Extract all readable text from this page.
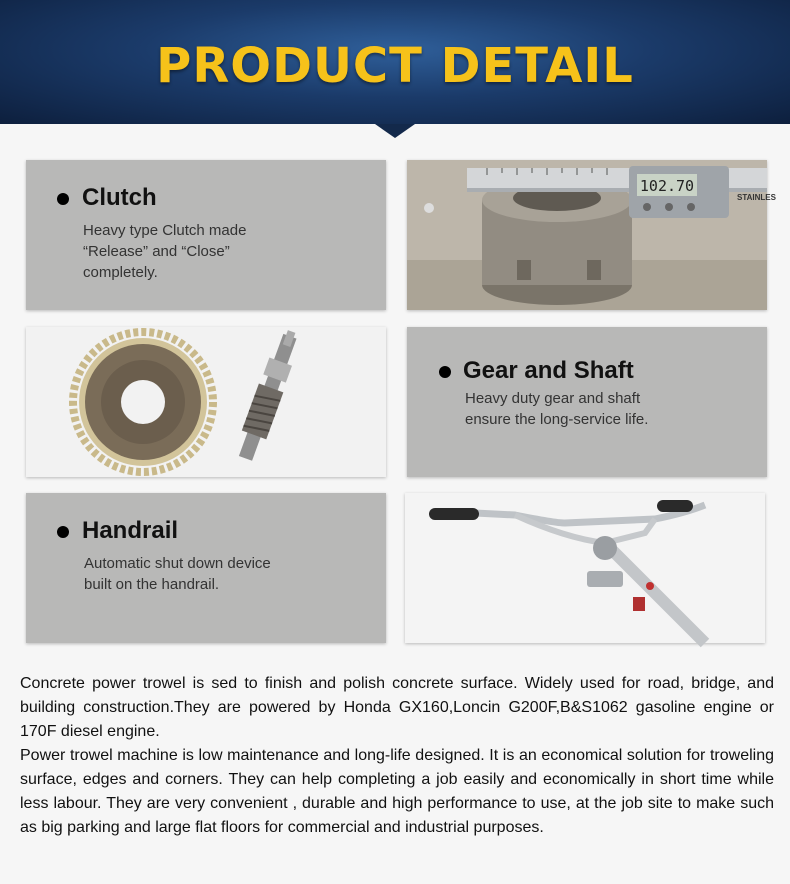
PRODUCT DETAIL
Clutch
Heavy type Clutch made
“Release” and “Close”
completely.
102.70
STAINLES
Gear and Shaft
Heavy duty gear and shaft
ensure the long-service life.
Handrail
Automatic shut down device
built on the handrail.

Concrete power trowel is sed to finish and polish concrete surface. Widely used for road, bridge, and building construction.They are powered by Honda GX160,Loncin G200F,B&S1062 gasoline engine or 170F diesel engine.

Power trowel machine is low maintenance and long-life designed. It is an economical solution for troweling surface, edges and corners. They can help completing a job easily and economically in short time while less labour. They are very convenient , durable and high performance to use, at the job site to make such as big parking and large flat floors for commercial and industrial purposes.
